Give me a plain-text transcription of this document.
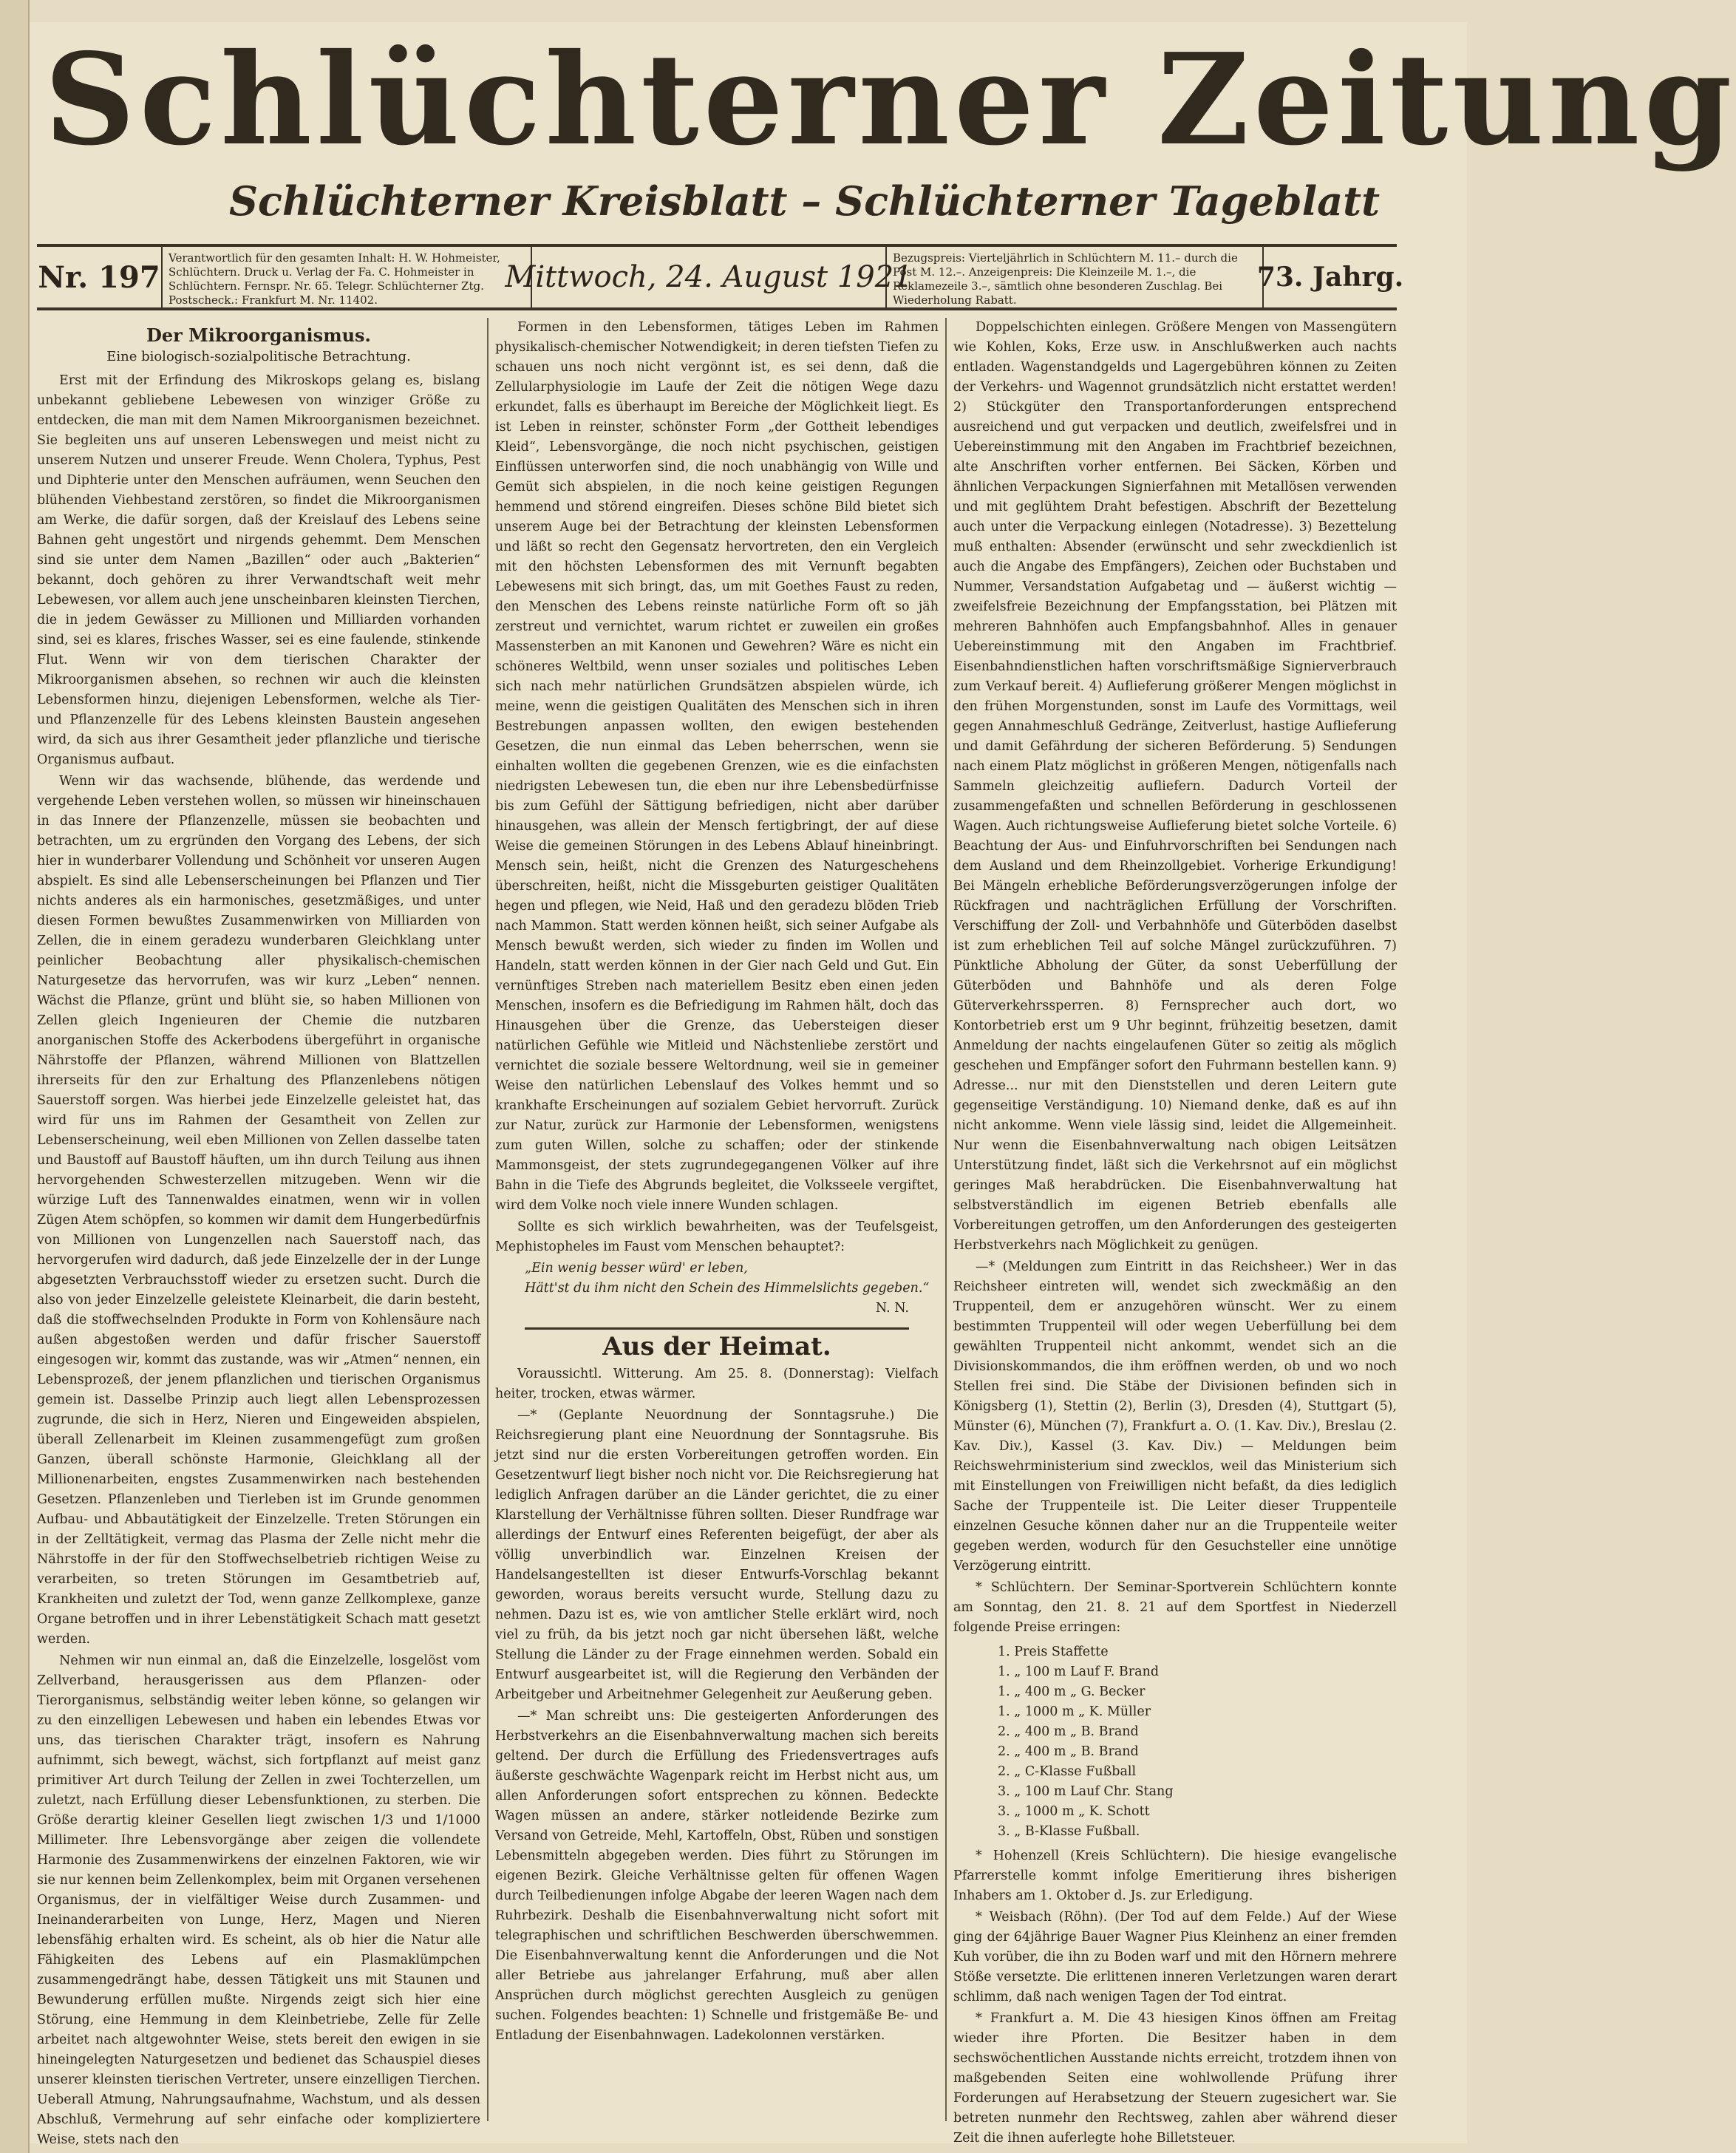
Schlüchterner Zeitung
Schlüchterner Kreisblatt – Schlüchterner Tageblatt
Nr. 197
Verantwortlich für den gesamten Inhalt: H. W. Hohmeister, Schlüchtern. Druck u. Verlag der Fa. C. Hohmeister in Schlüchtern. Fernspr. Nr. 65. Telegr. Schlüchterner Ztg. Postscheck.: Frankfurt M. Nr. 11402.
Mittwoch, 24. August 1921
Bezugspreis: Vierteljährlich in Schlüchtern M. 11.– durch die Post M. 12.–. Anzeigenpreis: Die Kleinzeile M. 1.–, die Reklamezeile 3.–, sämtlich ohne besonderen Zuschlag. Bei Wiederholung Rabatt.
73. Jahrg.
Der Mikroorganismus.
Eine biologisch-sozialpolitische Betrachtung.

Erst mit der Erfindung des Mikroskops gelang es, bislang unbekannt gebliebene Lebewesen von winziger Größe zu entdecken, die man mit dem Namen Mikroorganismen bezeichnet. Sie begleiten uns auf unseren Lebenswegen und meist nicht zu unserem Nutzen und unserer Freude. Wenn Cholera, Typhus, Pest und Diphterie unter den Menschen aufräumen, wenn Seuchen den blühenden Viehbestand zerstören, so findet die Mikroorganismen am Werke, die dafür sorgen, daß der Kreislauf des Lebens seine Bahnen geht ungestört und nirgends gehemmt. Dem Menschen sind sie unter dem Namen „Bazillen“ oder auch „Bakterien“ bekannt, doch gehören zu ihrer Verwandtschaft weit mehr Lebewesen, vor allem auch jene unscheinbaren kleinsten Tierchen, die in jedem Gewässer zu Millionen und Milliarden vorhanden sind, sei es klares, frisches Wasser, sei es eine faulende, stinkende Flut. Wenn wir von dem tierischen Charakter der Mikroorganismen absehen, so rechnen wir auch die kleinsten Lebensformen hinzu, diejenigen Lebensformen, welche als Tier- und Pflanzenzelle für des Lebens kleinsten Baustein angesehen wird, da sich aus ihrer Gesamtheit jeder pflanzliche und tierische Organismus aufbaut.

Wenn wir das wachsende, blühende, das werdende und vergehende Leben verstehen wollen, so müssen wir hineinschauen in das Innere der Pflanzenzelle, müssen sie beobachten und betrachten, um zu ergründen den Vorgang des Lebens, der sich hier in wunderbarer Vollendung und Schönheit vor unseren Augen abspielt. Es sind alle Lebenserscheinungen bei Pflanzen und Tier nichts anderes als ein harmonisches, gesetzmäßiges, und unter diesen Formen bewußtes Zusammenwirken von Milliarden von Zellen, die in einem geradezu wunderbaren Gleichklang unter peinlicher Beobachtung aller physikalisch-chemischen Naturgesetze das hervorrufen, was wir kurz „Leben“ nennen. Wächst die Pflanze, grünt und blüht sie, so haben Millionen von Zellen gleich Ingenieuren der Chemie die nutzbaren anorganischen Stoffe des Ackerbodens übergeführt in organische Nährstoffe der Pflanzen, während Millionen von Blattzellen ihrerseits für den zur Erhaltung des Pflanzenlebens nötigen Sauerstoff sorgen. Was hierbei jede Einzelzelle geleistet hat, das wird für uns im Rahmen der Gesamtheit von Zellen zur Lebenserscheinung, weil eben Millionen von Zellen dasselbe taten und Baustoff auf Baustoff häuften, um ihn durch Teilung aus ihnen hervorgehenden Schwesterzellen mitzugeben. Wenn wir die würzige Luft des Tannenwaldes einatmen, wenn wir in vollen Zügen Atem schöpfen, so kommen wir damit dem Hungerbedürfnis von Millionen von Lungenzellen nach Sauerstoff nach, das hervorgerufen wird dadurch, daß jede Einzelzelle der in der Lunge abgesetzten Verbrauchsstoff wieder zu ersetzen sucht. Durch die also von jeder Einzelzelle geleistete Kleinarbeit, die darin besteht, daß die stoffwechselnden Produkte in Form von Kohlensäure nach außen abgestoßen werden und dafür frischer Sauerstoff eingesogen wir, kommt das zustande, was wir „Atmen“ nennen, ein Lebensprozeß, der jenem pflanzlichen und tierischen Organismus gemein ist. Dasselbe Prinzip auch liegt allen Lebensprozessen zugrunde, die sich in Herz, Nieren und Eingeweiden abspielen, überall Zellenarbeit im Kleinen zusammengefügt zum großen Ganzen, überall schönste Harmonie, Gleichklang all der Millionenarbeiten, engstes Zusammenwirken nach bestehenden Gesetzen. Pflanzenleben und Tierleben ist im Grunde genommen Aufbau- und Abbautätigkeit der Einzelzelle. Treten Störungen ein in der Zelltätigkeit, vermag das Plasma der Zelle nicht mehr die Nährstoffe in der für den Stoffwechselbetrieb richtigen Weise zu verarbeiten, so treten Störungen im Gesamtbetrieb auf, Krankheiten und zuletzt der Tod, wenn ganze Zellkomplexe, ganze Organe betroffen und in ihrer Lebenstätigkeit Schach matt gesetzt werden.

Nehmen wir nun einmal an, daß die Einzelzelle, losgelöst vom Zellverband, herausgerissen aus dem Pflanzen- oder Tierorganismus, selbständig weiter leben könne, so gelangen wir zu den einzelligen Lebewesen und haben ein lebendes Etwas vor uns, das tierischen Charakter trägt, insofern es Nahrung aufnimmt, sich bewegt, wächst, sich fortpflanzt auf meist ganz primitiver Art durch Teilung der Zellen in zwei Tochterzellen, um zuletzt, nach Erfüllung dieser Lebensfunktionen, zu sterben. Die Größe derartig kleiner Gesellen liegt zwischen 1/3 und 1/1000 Millimeter. Ihre Lebensvorgänge aber zeigen die vollendete Harmonie des Zusammenwirkens der einzelnen Faktoren, wie wir sie nur kennen beim Zellenkomplex, beim mit Organen versehenen Organismus, der in vielfältiger Weise durch Zusammen- und Ineinanderarbeiten von Lunge, Herz, Magen und Nieren lebensfähig erhalten wird. Es scheint, als ob hier die Natur alle Fähigkeiten des Lebens auf ein Plasmaklümpchen zusammengedrängt habe, dessen Tätigkeit uns mit Staunen und Bewunderung erfüllen mußte. Nirgends zeigt sich hier eine Störung, eine Hemmung in dem Kleinbetriebe, Zelle für Zelle arbeitet nach altgewohnter Weise, stets bereit den ewigen in sie hineingelegten Naturgesetzen und bedienet das Schauspiel dieses unserer kleinsten tierischen Vertreter, unsere einzelligen Tierchen. Ueberall Atmung, Nahrungsaufnahme, Wachstum, und als dessen Abschluß, Vermehrung auf sehr einfache oder kompliziertere Weise, stets nach den

Formen in den Lebensformen, tätiges Leben im Rahmen physikalisch-chemischer Notwendigkeit; in deren tiefsten Tiefen zu schauen uns noch nicht vergönnt ist, es sei denn, daß die Zellularphysiologie im Laufe der Zeit die nötigen Wege dazu erkundet, falls es überhaupt im Bereiche der Möglichkeit liegt. Es ist Leben in reinster, schönster Form „der Gottheit lebendiges Kleid“, Lebensvorgänge, die noch nicht psychischen, geistigen Einflüssen unterworfen sind, die noch unabhängig von Wille und Gemüt sich abspielen, in die noch keine geistigen Regungen hemmend und störend eingreifen. Dieses schöne Bild bietet sich unserem Auge bei der Betrachtung der kleinsten Lebensformen und läßt so recht den Gegensatz hervortreten, den ein Vergleich mit den höchsten Lebensformen des mit Vernunft begabten Lebewesens mit sich bringt, das, um mit Goethes Faust zu reden, den Menschen des Lebens reinste natürliche Form oft so jäh zerstreut und vernichtet, warum richtet er zuweilen ein großes Massensterben an mit Kanonen und Gewehren? Wäre es nicht ein schöneres Weltbild, wenn unser soziales und politisches Leben sich nach mehr natürlichen Grundsätzen abspielen würde, ich meine, wenn die geistigen Qualitäten des Menschen sich in ihren Bestrebungen anpassen wollten, den ewigen bestehenden Gesetzen, die nun einmal das Leben beherrschen, wenn sie einhalten wollten die gegebenen Grenzen, wie es die einfachsten niedrigsten Lebewesen tun, die eben nur ihre Lebensbedürfnisse bis zum Gefühl der Sättigung befriedigen, nicht aber darüber hinausgehen, was allein der Mensch fertigbringt, der auf diese Weise die gemeinen Störungen in des Lebens Ablauf hineinbringt. Mensch sein, heißt, nicht die Grenzen des Naturgeschehens überschreiten, heißt, nicht die Missgeburten geistiger Qualitäten hegen und pflegen, wie Neid, Haß und den geradezu blöden Trieb nach Mammon. Statt werden können heißt, sich seiner Aufgabe als Mensch bewußt werden, sich wieder zu finden im Wollen und Handeln, statt werden können in der Gier nach Geld und Gut. Ein vernünftiges Streben nach materiellem Besitz eben einen jeden Menschen, insofern es die Befriedigung im Rahmen hält, doch das Hinausgehen über die Grenze, das Uebersteigen dieser natürlichen Gefühle wie Mitleid und Nächstenliebe zerstört und vernichtet die soziale bessere Weltordnung, weil sie in gemeiner Weise den natürlichen Lebenslauf des Volkes hemmt und so krankhafte Erscheinungen auf sozialem Gebiet hervorruft. Zurück zur Natur, zurück zur Harmonie der Lebensformen, wenigstens zum guten Willen, solche zu schaffen; oder der stinkende Mammonsgeist, der stets zugrundegegangenen Völker auf ihre Bahn in die Tiefe des Abgrunds begleitet, die Volksseele vergiftet, wird dem Volke noch viele innere Wunden schlagen.

Sollte es sich wirklich bewahrheiten, was der Teufelsgeist, Mephistopheles im Faust vom Menschen behauptet?:

„Ein wenig besser würd' er leben,
Hätt'st du ihm nicht den Schein des Himmelslichts gegeben.“
N. N.
Aus der Heimat.

Voraussichtl. Witterung. Am 25. 8. (Donnerstag): Vielfach heiter, trocken, etwas wärmer.

—* (Geplante Neuordnung der Sonntagsruhe.) Die Reichsregierung plant eine Neuordnung der Sonntagsruhe. Bis jetzt sind nur die ersten Vorbereitungen getroffen worden. Ein Gesetzentwurf liegt bisher noch nicht vor. Die Reichsregierung hat lediglich Anfragen darüber an die Länder gerichtet, die zu einer Klarstellung der Verhältnisse führen sollten. Dieser Rundfrage war allerdings der Entwurf eines Referenten beigefügt, der aber als völlig unverbindlich war. Einzelnen Kreisen der Handelsangestellten ist dieser Entwurfs-Vorschlag bekannt geworden, woraus bereits versucht wurde, Stellung dazu zu nehmen. Dazu ist es, wie von amtlicher Stelle erklärt wird, noch viel zu früh, da bis jetzt noch gar nicht übersehen läßt, welche Stellung die Länder zu der Frage einnehmen werden. Sobald ein Entwurf ausgearbeitet ist, will die Regierung den Verbänden der Arbeitgeber und Arbeitnehmer Gelegenheit zur Aeußerung geben.

—* Man schreibt uns: Die gesteigerten Anforderungen des Herbstverkehrs an die Eisenbahnverwaltung machen sich bereits geltend. Der durch die Erfüllung des Friedensvertrages aufs äußerste geschwächte Wagenpark reicht im Herbst nicht aus, um allen Anforderungen sofort entsprechen zu können. Bedeckte Wagen müssen an andere, stärker notleidende Bezirke zum Versand von Getreide, Mehl, Kartoffeln, Obst, Rüben und sonstigen Lebensmitteln abgegeben werden. Dies führt zu Störungen im eigenen Bezirk. Gleiche Verhältnisse gelten für offenen Wagen durch Teilbedienungen infolge Abgabe der leeren Wagen nach dem Ruhrbezirk. Deshalb die Eisenbahnverwaltung nicht sofort mit telegraphischen und schriftlichen Beschwerden überschwemmen. Die Eisenbahnverwaltung kennt die Anforderungen und die Not aller Betriebe aus jahrelanger Erfahrung, muß aber allen Ansprüchen durch möglichst gerechten Ausgleich zu genügen suchen. Folgendes beachten: 1) Schnelle und fristgemäße Be- und Entladung der Eisenbahnwagen. Ladekolonnen verstärken.

Doppelschichten einlegen. Größere Mengen von Massengütern wie Kohlen, Koks, Erze usw. in Anschlußwerken auch nachts entladen. Wagenstandgelds und Lagergebühren können zu Zeiten der Verkehrs- und Wagennot grundsätzlich nicht erstattet werden! 2) Stückgüter den Transportanforderungen entsprechend ausreichend und gut verpacken und deutlich, zweifelsfrei und in Uebereinstimmung mit den Angaben im Frachtbrief bezeichnen, alte Anschriften vorher entfernen. Bei Säcken, Körben und ähnlichen Verpackungen Signierfahnen mit Metallösen verwenden und mit geglühtem Draht befestigen. Abschrift der Bezettelung auch unter die Verpackung einlegen (Notadresse). 3) Bezettelung muß enthalten: Absender (erwünscht und sehr zweckdienlich ist auch die Angabe des Empfängers), Zeichen oder Buchstaben und Nummer, Versandstation Aufgabetag und — äußerst wichtig — zweifelsfreie Bezeichnung der Empfangsstation, bei Plätzen mit mehreren Bahnhöfen auch Empfangsbahnhof. Alles in genauer Uebereinstimmung mit den Angaben im Frachtbrief. Eisenbahndienstlichen haften vorschriftsmäßige Signierverbrauch zum Verkauf bereit. 4) Auflieferung größerer Mengen möglichst in den frühen Morgenstunden, sonst im Laufe des Vormittags, weil gegen Annahmeschluß Gedränge, Zeitverlust, hastige Auflieferung und damit Gefährdung der sicheren Beförderung. 5) Sendungen nach einem Platz möglichst in größeren Mengen, nötigenfalls nach Sammeln gleichzeitig aufliefern. Dadurch Vorteil der zusammengefaßten und schnellen Beförderung in geschlossenen Wagen. Auch richtungsweise Auflieferung bietet solche Vorteile. 6) Beachtung der Aus- und Einfuhrvorschriften bei Sendungen nach dem Ausland und dem Rheinzollgebiet. Vorherige Erkundigung! Bei Mängeln erhebliche Beförderungsverzögerungen infolge der Rückfragen und nachträglichen Erfüllung der Vorschriften. Verschiffung der Zoll- und Verbahnhöfe und Güterböden daselbst ist zum erheblichen Teil auf solche Mängel zurückzuführen. 7) Pünktliche Abholung der Güter, da sonst Ueberfüllung der Güterböden und Bahnhöfe und als deren Folge Güterverkehrssperren. 8) Fernsprecher auch dort, wo Kontorbetrieb erst um 9 Uhr beginnt, frühzeitig besetzen, damit Anmeldung der nachts eingelaufenen Güter so zeitig als möglich geschehen und Empfänger sofort den Fuhrmann bestellen kann. 9) Adresse... nur mit den Dienststellen und deren Leitern gute gegenseitige Verständigung. 10) Niemand denke, daß es auf ihn nicht ankomme. Wenn viele lässig sind, leidet die Allgemeinheit. Nur wenn die Eisenbahnverwaltung nach obigen Leitsätzen Unterstützung findet, läßt sich die Verkehrsnot auf ein möglichst geringes Maß herabdrücken. Die Eisenbahnverwaltung hat selbstverständlich im eigenen Betrieb ebenfalls alle Vorbereitungen getroffen, um den Anforderungen des gesteigerten Herbstverkehrs nach Möglichkeit zu genügen.

—* (Meldungen zum Eintritt in das Reichsheer.) Wer in das Reichsheer eintreten will, wendet sich zweckmäßig an den Truppenteil, dem er anzugehören wünscht. Wer zu einem bestimmten Truppenteil will oder wegen Ueberfüllung bei dem gewählten Truppenteil nicht ankommt, wendet sich an die Divisionskommandos, die ihm eröffnen werden, ob und wo noch Stellen frei sind. Die Stäbe der Divisionen befinden sich in Königsberg (1), Stettin (2), Berlin (3), Dresden (4), Stuttgart (5), Münster (6), München (7), Frankfurt a. O. (1. Kav. Div.), Breslau (2. Kav. Div.), Kassel (3. Kav. Div.) — Meldungen beim Reichswehrministerium sind zwecklos, weil das Ministerium sich mit Einstellungen von Freiwilligen nicht befaßt, da dies lediglich Sache der Truppenteile ist. Die Leiter dieser Truppenteile einzelnen Gesuche können daher nur an die Truppenteile weiter gegeben werden, wodurch für den Gesuchsteller eine unnötige Verzögerung eintritt.

* Schlüchtern. Der Seminar-Sportverein Schlüchtern konnte am Sonntag, den 21. 8. 21 auf dem Sportfest in Niederzell folgende Preise erringen:

1. Preis Staffette
1. „ 100 m Lauf F. Brand
1. „ 400 m „ G. Becker
1. „ 1000 m „ K. Müller
2. „ 400 m „ B. Brand
2. „ 400 m „ B. Brand
2. „ C-Klasse Fußball
3. „ 100 m Lauf Chr. Stang
3. „ 1000 m „ K. Schott
3. „ B-Klasse Fußball.

* Hohenzell (Kreis Schlüchtern). Die hiesige evangelische Pfarrerstelle kommt infolge Emeritierung ihres bisherigen Inhabers am 1. Oktober d. Js. zur Erledigung.

* Weisbach (Röhn). (Der Tod auf dem Felde.) Auf der Wiese ging der 64jährige Bauer Wagner Pius Kleinhenz an einer fremden Kuh vorüber, die ihn zu Boden warf und mit den Hörnern mehrere Stöße versetzte. Die erlittenen inneren Verletzungen waren derart schlimm, daß nach wenigen Tagen der Tod eintrat.

* Frankfurt a. M. Die 43 hiesigen Kinos öffnen am Freitag wieder ihre Pforten. Die Besitzer haben in dem sechswöchentlichen Ausstande nichts erreicht, trotzdem ihnen von maßgebenden Seiten eine wohlwollende Prüfung ihrer Forderungen auf Herabsetzung der Steuern zugesichert war. Sie betreten nunmehr den Rechtsweg, zahlen aber während dieser Zeit die ihnen auferlegte hohe Billetsteuer.
